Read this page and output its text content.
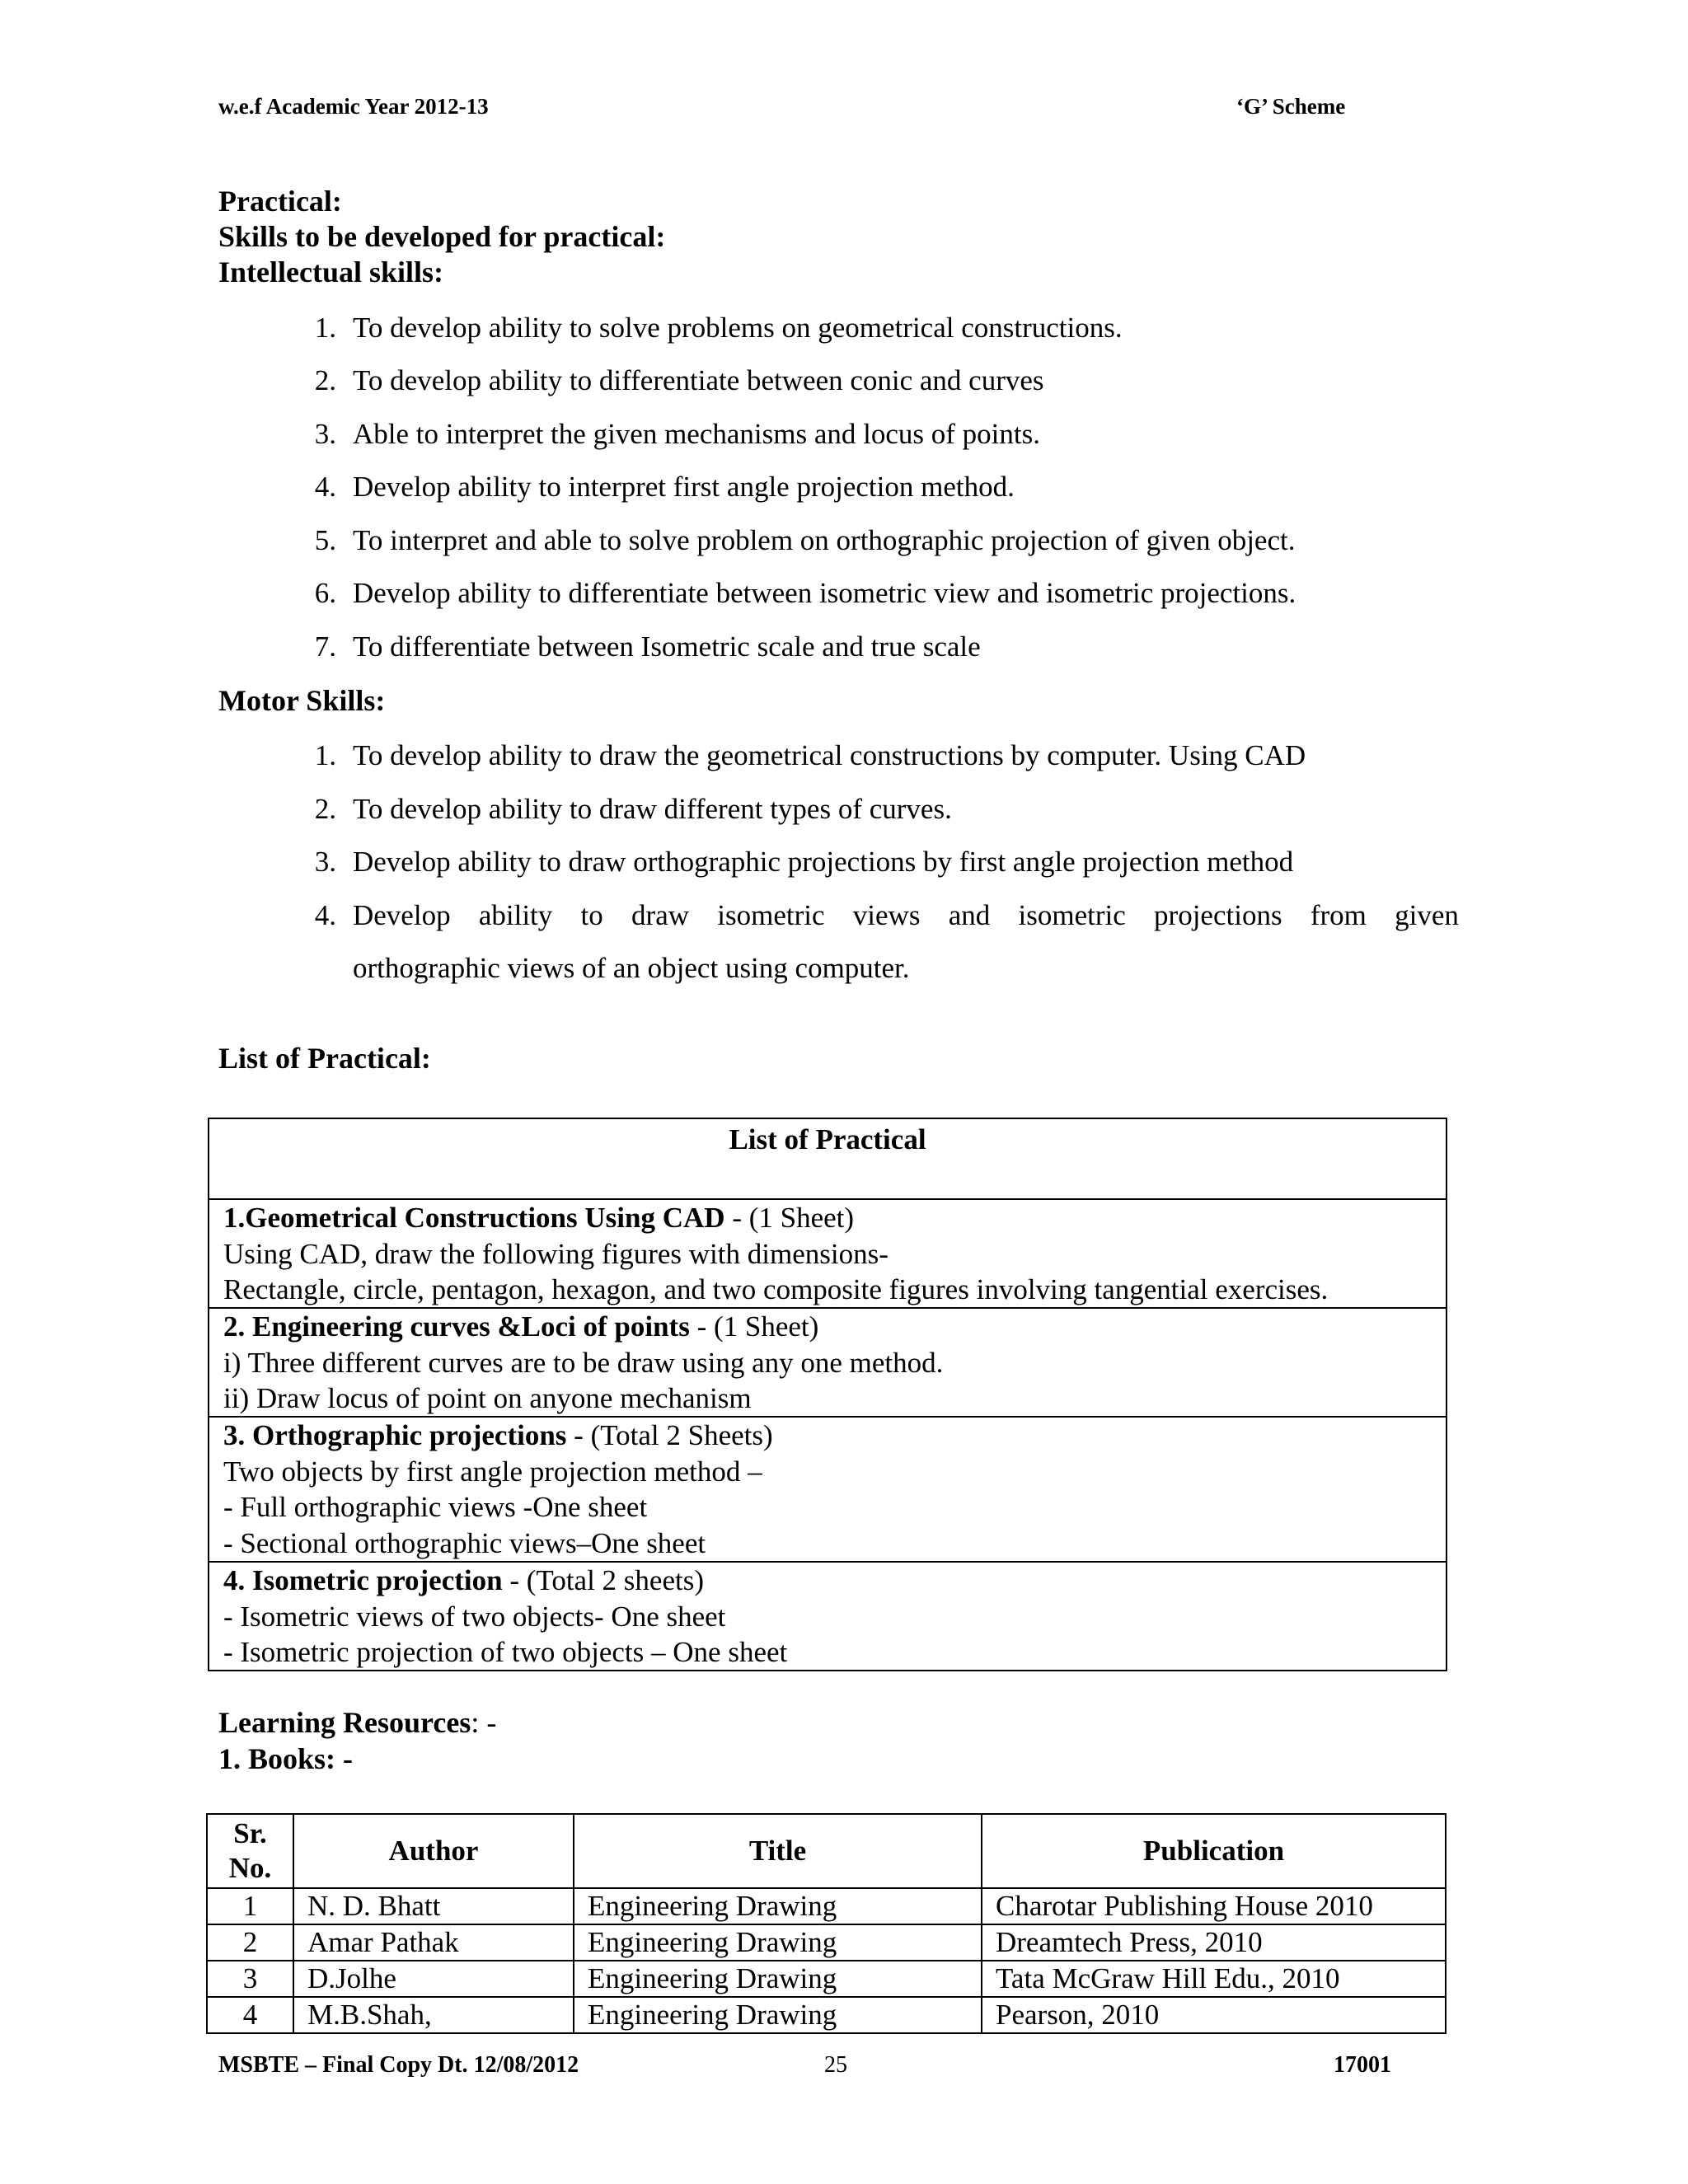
w.e.f Academic Year 2012-13	‘G’ Scheme
Practical:
Skills to be developed for practical:
Intellectual skills:
1. To develop ability to solve problems on geometrical constructions.
2. To develop ability to differentiate between conic and curves
3. Able to interpret the given mechanisms and locus of points.
4. Develop ability to interpret first angle projection method.
5. To interpret and able to solve problem on orthographic projection of given object.
6. Develop ability to differentiate between isometric view and isometric projections.
7. To differentiate between Isometric scale and true scale
Motor Skills:
1. To develop ability to draw the geometrical constructions by computer. Using CAD
2. To develop ability to draw different types of curves.
3. Develop ability to draw orthographic projections by first angle projection method
4. Develop ability to draw isometric views and isometric projections from given
orthographic views of an object using computer.
List of Practical:
List of Practical
1.Geometrical Constructions Using CAD - (1 Sheet)
Using CAD, draw the following figures with dimensions-
Rectangle, circle, pentagon, hexagon, and two composite figures involving tangential exercises.
2. Engineering curves &Loci of points - (1 Sheet)
i) Three different curves are to be draw using any one method.
ii) Draw locus of point on anyone mechanism
3. Orthographic projections - (Total 2 Sheets)
Two objects by first angle projection method –
- Full orthographic views -One sheet
- Sectional orthographic views–One sheet
4. Isometric projection - (Total 2 sheets)
- Isometric views of two objects- One sheet
- Isometric projection of two objects – One sheet
Learning Resources: -
1. Books: -
Sr.
No.	Author	Title	Publication
1	N. D. Bhatt	Engineering Drawing	Charotar Publishing House 2010
2	Amar Pathak	Engineering Drawing	Dreamtech Press, 2010
3	D.Jolhe	Engineering Drawing	Tata McGraw Hill Edu., 2010
4	M.B.Shah,	Engineering Drawing	Pearson, 2010
MSBTE – Final Copy Dt. 12/08/2012	25	17001
